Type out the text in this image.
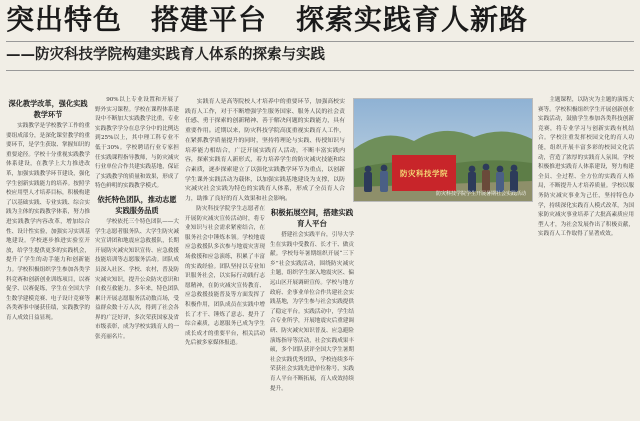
突出特色　搭建平台　探索实践育人新路
——防灾科技学院构建实践育人体系的探索与实践
深化教学改革，强化实践教学环节

实践教学是学校教学工作的重要组成部分，是深化课堂教学的重要环节，是学生获取、掌握知识的重要途径。学校十分重视实践教学体系建设，在教学上大力推进改革，加强实践教学环节建设，强化学生创新实践能力的培养。按照学校应用型人才培养目标，积极构建了以基础实践、专业实践、综合实践为主体的实践教学体系，努力推进实践教学内容改革，增加综合性、设计性实验，加强实习实训基地建设。学校逐步推进实验室开放，给学生提供更多的实践机会，提升了学生的动手能力和创新能力。学校积极组织学生参加各类学科竞赛和创新创业训练项目，以赛促学、以赛促练，学生在全国大学生数学建模竞赛、电子设计竞赛等各类赛事中屡获佳绩，实践教学的育人成效日益显现。

90%以上专业设置和开展了野外实习课程。学校在课程体系建设中不断加大实践教学比重，专业实践教学学分在总学分中的比例达到25%以上，其中理工科专业不低于30%。学校聘请行业专家担任实践课程指导教师，与防灾减灾行业单位合作共建实践基地，保证了实践教学的质量和效果，形成了特色鲜明的实践教学模式。

依托特色团队，推动志愿实践服务品质

学校依托三个特色团队——大学生志愿者服务队、大学生防灾减灾宣讲团和地震应急救援队，长期开展防灾减灾知识宣传、应急救援技能培训等志愿服务活动。团队成员深入社区、学校、农村，普及防灾减灾知识，提升公众防灾意识和自救互救能力。多年来，特色团队累计开展志愿服务活动数百场，受益群众数十万人次，得到了社会各界的广泛好评，多次荣获国家及省市级表彰，成为学校实践育人的一张亮丽名片。

实践育人是高等院校人才培养中的重要环节，加强高校实践育人工作，对于不断增强学生服务国家、服务人民的社会责任感、勇于探索的创新精神、善于解决问题的实践能力，具有重要作用。近期以来，防灾科技学院高度重视实践育人工作，在紧抓教学质量提升的同时，坚持将理论与实践、传授知识与培养能力相结合，广泛开展实践育人活动，不断丰富实践内容，探索实践育人新形式，着力培养学生的防灾减灾技能和综合素质，逐步探索建立了以强化实践教学环节为重点，以创新学生课外实践活动为载体，以加强实践基地建设为支撑，以防灾减灾社会实践为特色的实践育人体系，形成了全员育人合力，助推了良好的育人效果和社会影响。

防灾科技学院
防灾科技学院学生开展暑期社会实践活动

防灾科技学院学生志愿者在开展防灾减灾宣传活动时，将专业知识与社会需求紧密结合，在服务社会中锤炼本领。学校地震应急救援队多次参与地震灾害现场救援和应急演练，积累了丰富的实战经验。团队坚持以专业知识服务社会，以实际行动践行志愿精神，在防灾减灾宣传教育、应急救援技能普及等方面发挥了积极作用，团队成员在实践中增长了才干、锤炼了意志、提升了综合素质，志愿服务已成为学生成长成才的重要平台，相关活动先后被多家媒体报道。

积极拓展空间，搭建实践育人平台

搭建社会实践平台，引导大学生在实践中受教育、长才干、做贡献。学校每年暑期组织开展“三下乡”社会实践活动，围绕防灾减灾主题，组织学生深入地震灾区、偏远山区开展调研宣传。学校与地方政府、企事业单位合作共建社会实践基地，为学生参与社会实践提供了稳定平台。实践活动中，学生结合专业所学，开展地震灾后重建调研、防灾减灾知识普及、应急避险演练指导等活动，社会实践成果丰硕，多个团队获评全国大学生暑期社会实践优秀团队，学校连续多年荣获社会实践先进单位称号，实践育人平台不断拓展，育人成效持续提升。

主题课程，以防灾为主题的演练大赛等。学校积极组织学生开展创新创业实践活动，鼓励学生参加各类科技创新竞赛，将专业学习与创新实践有机结合。学校注重发挥校园文化的育人功能，组织开展丰富多彩的校园文化活动，营造了浓厚的实践育人氛围。学校积极推进实践育人体系建设，努力构建全员、全过程、全方位的实践育人格局，不断提升人才培养质量。学校以服务防灾减灾事业为己任，坚持特色办学，持续深化实践育人模式改革，为国家防灾减灾事业培养了大批高素质应用型人才，为社会发展作出了积极贡献，实践育人工作取得了显著成效。
